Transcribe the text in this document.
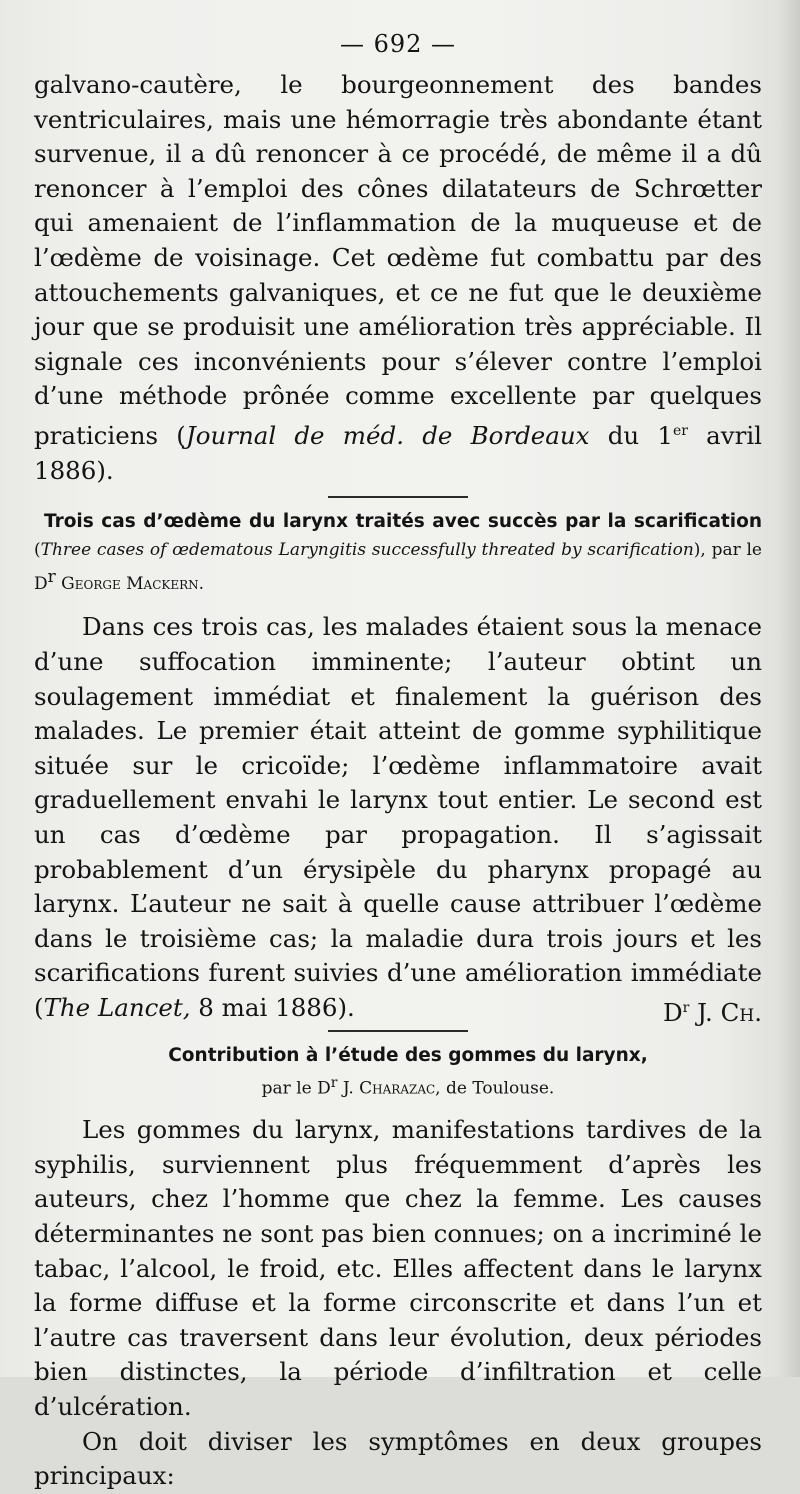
— 692 —

galvano-cautère, le bourgeonnement des bandes ventriculaires, mais une hémorragie très abondante étant survenue, il a dû renoncer à ce procédé, de même il a dû renoncer à l’emploi des cônes dilatateurs de Schrœtter qui amenaient de l’inflammation de la muqueuse et de l’œdème de voisinage. Cet œdème fut combattu par des attouchements galvaniques, et ce ne fut que le deuxième jour que se produisit une amélioration très appréciable. Il signale ces inconvénients pour s’élever contre l’emploi d’une méthode prônée comme excellente par quelques praticiens (Journal de méd. de Bordeaux du 1er avril 1886).

Trois cas d’œdème du larynx traités avec succès par la scarification (Three cases of œdematous Laryngitis successfully threated by scarification), par le $D^r$ George Mackern.

Dans ces trois cas, les malades étaient sous la menace d’une suffocation imminente; l’auteur obtint un soulagement immédiat et finalement la guérison des malades. Le premier était atteint de gomme syphilitique située sur le cricoïde; l’œdème inflammatoire avait graduellement envahi le larynx tout entier. Le second est un cas d’œdème par propagation. Il s’agissait probablement d’un érysipèle du pharynx propagé au larynx. L’auteur ne sait à quelle cause attribuer l’œdème dans le troisième cas; la maladie dura trois jours et les scarifications furent suivies d’une amélioration immédiate (The Lancet, 8 mai 1886).	$D^r$ J. Ch.

Contribution à l’étude des gommes du larynx,
par le $D^r$ J. Charazac, de Toulouse.

Les gommes du larynx, manifestations tardives de la syphilis, surviennent plus fréquemment d’après les auteurs, chez l’homme que chez la femme. Les causes déterminantes ne sont pas bien connues; on a incriminé le tabac, l’alcool, le froid, etc. Elles affectent dans le larynx la forme diffuse et la forme circonscrite et dans l’un et l’autre cas traversent dans leur évolution, deux périodes bien distinctes, la période d’infiltration et celle d’ulcération.

On doit diviser les symptômes en deux groupes principaux:
